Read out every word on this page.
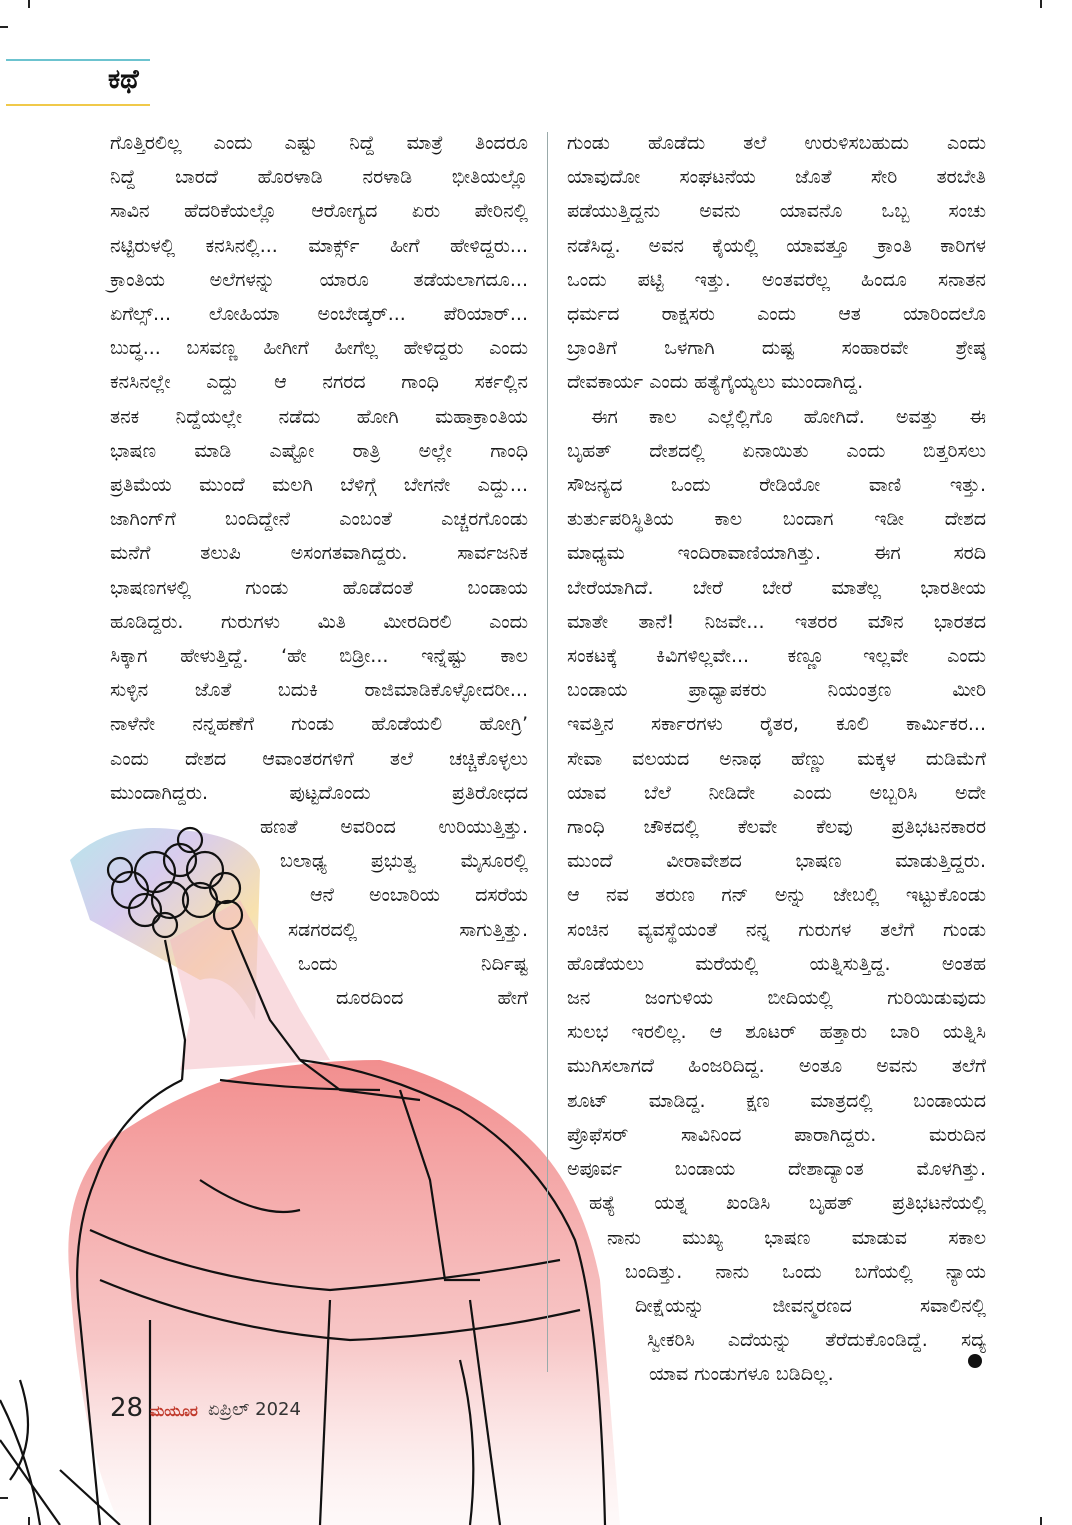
ಕಥೆ

ಗೊತ್ತಿರಲಿಲ್ಲ ಎಂದು ಎಷ್ಟು ನಿದ್ದೆ ಮಾತ್ರೆ ತಿಂದರೂ

ನಿದ್ದೆ ಬಾರದೆ ಹೊರಳಾಡಿ ನರಳಾಡಿ ಭೀತಿಯಲ್ಲೊ

ಸಾವಿನ ಹೆದರಿಕೆಯಲ್ಲೊ ಆರೋಗ್ಯದ ಏರು ಪೇರಿನಲ್ಲಿ

ನಟ್ಟಿರುಳಲ್ಲಿ ಕನಸಿನಲ್ಲಿ... ಮಾರ್ಕ್ಸ್ ಹೀಗೆ ಹೇಳಿದ್ದರು...

ಕ್ರಾಂತಿಯ ಅಲೆಗಳನ್ನು ಯಾರೂ ತಡೆಯಲಾಗದೂ...

ಏಗೆಲ್ಸ್... ಲೋಹಿಯಾ ಅಂಬೇಡ್ಕರ್... ಪೆರಿಯಾರ್...

ಬುದ್ಧ... ಬಸವಣ್ಣ ಹೀಗೀಗೆ ಹೀಗೆಲ್ಲ ಹೇಳಿದ್ದರು ಎಂದು

ಕನಸಿನಲ್ಲೇ ಎದ್ದು ಆ ನಗರದ ಗಾಂಧಿ ಸರ್ಕಲ್ಲಿನ

ತನಕ ನಿದ್ದೆಯಲ್ಲೇ ನಡೆದು ಹೋಗಿ ಮಹಾಕ್ರಾಂತಿಯ

ಭಾಷಣ ಮಾಡಿ ಎಷ್ಟೋ ರಾತ್ರಿ ಅಲ್ಲೇ ಗಾಂಧಿ

ಪ್ರತಿಮೆಯ ಮುಂದೆ ಮಲಗಿ ಬೆಳಿಗ್ಗೆ ಬೇಗನೇ ಎದ್ದು...

ಜಾಗಿಂಗ್‌ಗೆ ಬಂದಿದ್ದೇನೆ ಎಂಬಂತೆ ಎಚ್ಚರಗೊಂಡು

ಮನೆಗೆ ತಲುಪಿ ಅಸಂಗತವಾಗಿದ್ದರು. ಸಾರ್ವಜನಿಕ

ಭಾಷಣಗಳಲ್ಲಿ ಗುಂಡು ಹೊಡೆದಂತೆ ಬಂಡಾಯ

ಹೂಡಿದ್ದರು. ಗುರುಗಳು ಮಿತಿ ಮೀರದಿರಲಿ ಎಂದು

ಸಿಕ್ಕಾಗ ಹೇಳುತ್ತಿದ್ದೆ. ‘ಹೇ ಬಿಡ್ರೀ... ಇನ್ನೆಷ್ಟು ಕಾಲ

ಸುಳ್ಳಿನ ಜೊತೆ ಬದುಕಿ ರಾಜಿಮಾಡಿಕೊಳ್ಳೋದರೀ...

ನಾಳೆನೇ ನನ್ನಹಣೆಗೆ ಗುಂಡು ಹೊಡೆಯಲಿ ಹೋಗ್ರಿ’

ಎಂದು ದೇಶದ ಆವಾಂತರಗಳಿಗೆ ತಲೆ ಚಚ್ಚಿಕೊಳ್ಳಲು

ಮುಂದಾಗಿದ್ದರು. ಪುಟ್ಟದೊಂದು ಪ್ರತಿರೋಧದ

ಹಣತೆ ಅವರಿಂದ ಉರಿಯುತ್ತಿತ್ತು.

ಬಲಾಢ್ಯ ಪ್ರಭುತ್ವ ಮೈಸೂರಲ್ಲಿ

ಆನೆ ಅಂಬಾರಿಯ ದಸರೆಯ

ಸಡಗರದಲ್ಲಿ ಸಾಗುತ್ತಿತ್ತು.

ಒಂದು ನಿರ್ದಿಷ್ಟ

ದೂರದಿಂದ ಹೇಗೆ

ಗುಂಡು ಹೊಡೆದು ತಲೆ ಉರುಳಿಸಬಹುದು ಎಂದು

ಯಾವುದೋ ಸಂಘಟನೆಯ ಜೊತೆ ಸೇರಿ ತರಬೇತಿ

ಪಡೆಯುತ್ತಿದ್ದನು ಅವನು ಯಾವನೊ ಒಬ್ಬ ಸಂಚು

ನಡೆಸಿದ್ದ. ಅವನ ಕೈಯಲ್ಲಿ ಯಾವತ್ತೂ ಕ್ರಾಂತಿ ಕಾರಿಗಳ

ಒಂದು ಪಟ್ಟಿ ಇತ್ತು. ಅಂತವರೆಲ್ಲ ಹಿಂದೂ ಸನಾತನ

ಧರ್ಮದ ರಾಕ್ಷಸರು ಎಂದು ಆತ ಯಾರಿಂದಲೊ

ಬ್ರಾಂತಿಗೆ ಒಳಗಾಗಿ ದುಷ್ಟ ಸಂಹಾರವೇ ಶ್ರೇಷ್ಠ

ದೇವಕಾರ್ಯ ಎಂದು ಹತ್ಯೆಗೈಯ್ಯಲು ಮುಂದಾಗಿದ್ದ.

ಈಗ ಕಾಲ ಎಲ್ಲೆಲ್ಲಿಗೊ ಹೋಗಿದೆ. ಅವತ್ತು ಈ

ಬೃಹತ್ ದೇಶದಲ್ಲಿ ಏನಾಯಿತು ಎಂದು ಬಿತ್ತರಿಸಲು

ಸೌಜನ್ಯದ ಒಂದು ರೇಡಿಯೋ ವಾಣಿ ಇತ್ತು.

ತುರ್ತುಪರಿಸ್ಥಿತಿಯ ಕಾಲ ಬಂದಾಗ ಇಡೀ ದೇಶದ

ಮಾಧ್ಯಮ ಇಂದಿರಾವಾಣಿಯಾಗಿತ್ತು. ಈಗ ಸರದಿ

ಬೇರೆಯಾಗಿದೆ. ಬೇರೆ ಬೇರೆ ಮಾತೆಲ್ಲ ಭಾರತೀಯ

ಮಾತೇ ತಾನೆ! ನಿಜವೇ... ಇತರರ ಮೌನ ಭಾರತದ

ಸಂಕಟಕ್ಕೆ ಕಿವಿಗಳಿಲ್ಲವೇ... ಕಣ್ಣೂ ಇಲ್ಲವೇ ಎಂದು

ಬಂಡಾಯ ಪ್ರಾಧ್ಯಾಪಕರು ನಿಯಂತ್ರಣ ಮೀರಿ

ಇವತ್ತಿನ ಸರ್ಕಾರಗಳು ರೈತರ, ಕೂಲಿ ಕಾರ್ಮಿಕರ...

ಸೇವಾ ವಲಯದ ಅನಾಥ ಹೆಣ್ಣು ಮಕ್ಕಳ ದುಡಿಮೆಗೆ

ಯಾವ ಬೆಲೆ ನೀಡಿದೇ ಎಂದು ಅಬ್ಬರಿಸಿ ಅದೇ

ಗಾಂಧಿ ಚೌಕದಲ್ಲಿ ಕೆಲವೇ ಕೆಲವು ಪ್ರತಿಭಟನಕಾರರ

ಮುಂದೆ ವೀರಾವೇಶದ ಭಾಷಣ ಮಾಡುತ್ತಿದ್ದರು.

ಆ ನವ ತರುಣ ಗನ್ ಅನ್ನು ಜೇಬಲ್ಲಿ ಇಟ್ಟುಕೊಂಡು

ಸಂಚಿನ ವ್ಯವಸ್ಥೆಯಂತೆ ನನ್ನ ಗುರುಗಳ ತಲೆಗೆ ಗುಂಡು

ಹೊಡೆಯಲು ಮರೆಯಲ್ಲಿ ಯತ್ನಿಸುತ್ತಿದ್ದ. ಅಂತಹ

ಜನ ಜಂಗುಳಿಯ ಬೀದಿಯಲ್ಲಿ ಗುರಿಯಿಡುವುದು

ಸುಲಭ ಇರಲಿಲ್ಲ. ಆ ಶೂಟರ್ ಹತ್ತಾರು ಬಾರಿ ಯತ್ನಿಸಿ

ಮುಗಿಸಲಾಗದೆ ಹಿಂಜರಿದಿದ್ದ. ಅಂತೂ ಅವನು ತಲೆಗೆ

ಶೂಟ್ ಮಾಡಿದ್ದ. ಕ್ಷಣ ಮಾತ್ರದಲ್ಲಿ ಬಂಡಾಯದ

ಪ್ರೊಫೆಸರ್ ಸಾವಿನಿಂದ ಪಾರಾಗಿದ್ದರು. ಮರುದಿನ

ಅಪೂರ್ವ ಬಂಡಾಯ ದೇಶಾದ್ಯಾಂತ ಮೊಳಗಿತ್ತು.

ಹತ್ಯೆ ಯತ್ನ ಖಂಡಿಸಿ ಬೃಹತ್ ಪ್ರತಿಭಟನೆಯಲ್ಲಿ

ನಾನು ಮುಖ್ಯ ಭಾಷಣ ಮಾಡುವ ಸಕಾಲ

ಬಂದಿತ್ತು. ನಾನು ಒಂದು ಬಗೆಯಲ್ಲಿ ನ್ಯಾಯ

ದೀಕ್ಷೆಯನ್ನು ಜೀವನ್ಮರಣದ ಸವಾಲಿನಲ್ಲಿ

ಸ್ವೀಕರಿಸಿ ಎದೆಯನ್ನು ತೆರೆದುಕೊಂಡಿದ್ದೆ. ಸದ್ಯ

ಯಾವ ಗುಂಡುಗಳೂ ಬಡಿದಿಲ್ಲ.

28 ಮಯೂರ ಏಪ್ರಿಲ್ 2024
